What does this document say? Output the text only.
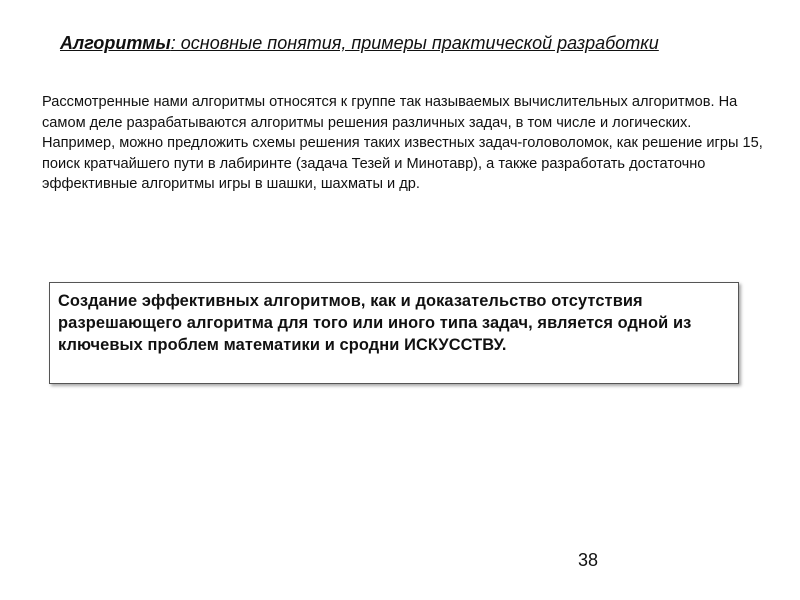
Алгоритмы: основные понятия, примеры практической разработки
Рассмотренные нами алгоритмы относятся к группе так называемых вычислительных алгоритмов. На самом деле разрабатываются алгоритмы решения различных задач, в том числе и логических. Например, можно предложить схемы решения таких известных задач-головоломок, как решение игры 15, поиск кратчайшего пути в лабиринте (задача Тезей и Минотавр), а также разработать достаточно эффективные алгоритмы игры в шашки, шахматы и др.
Создание эффективных алгоритмов, как и доказательство отсутствия разрешающего алгоритма для того или иного типа задач, является одной из ключевых проблем математики и сродни ИСКУССТВУ.
38
